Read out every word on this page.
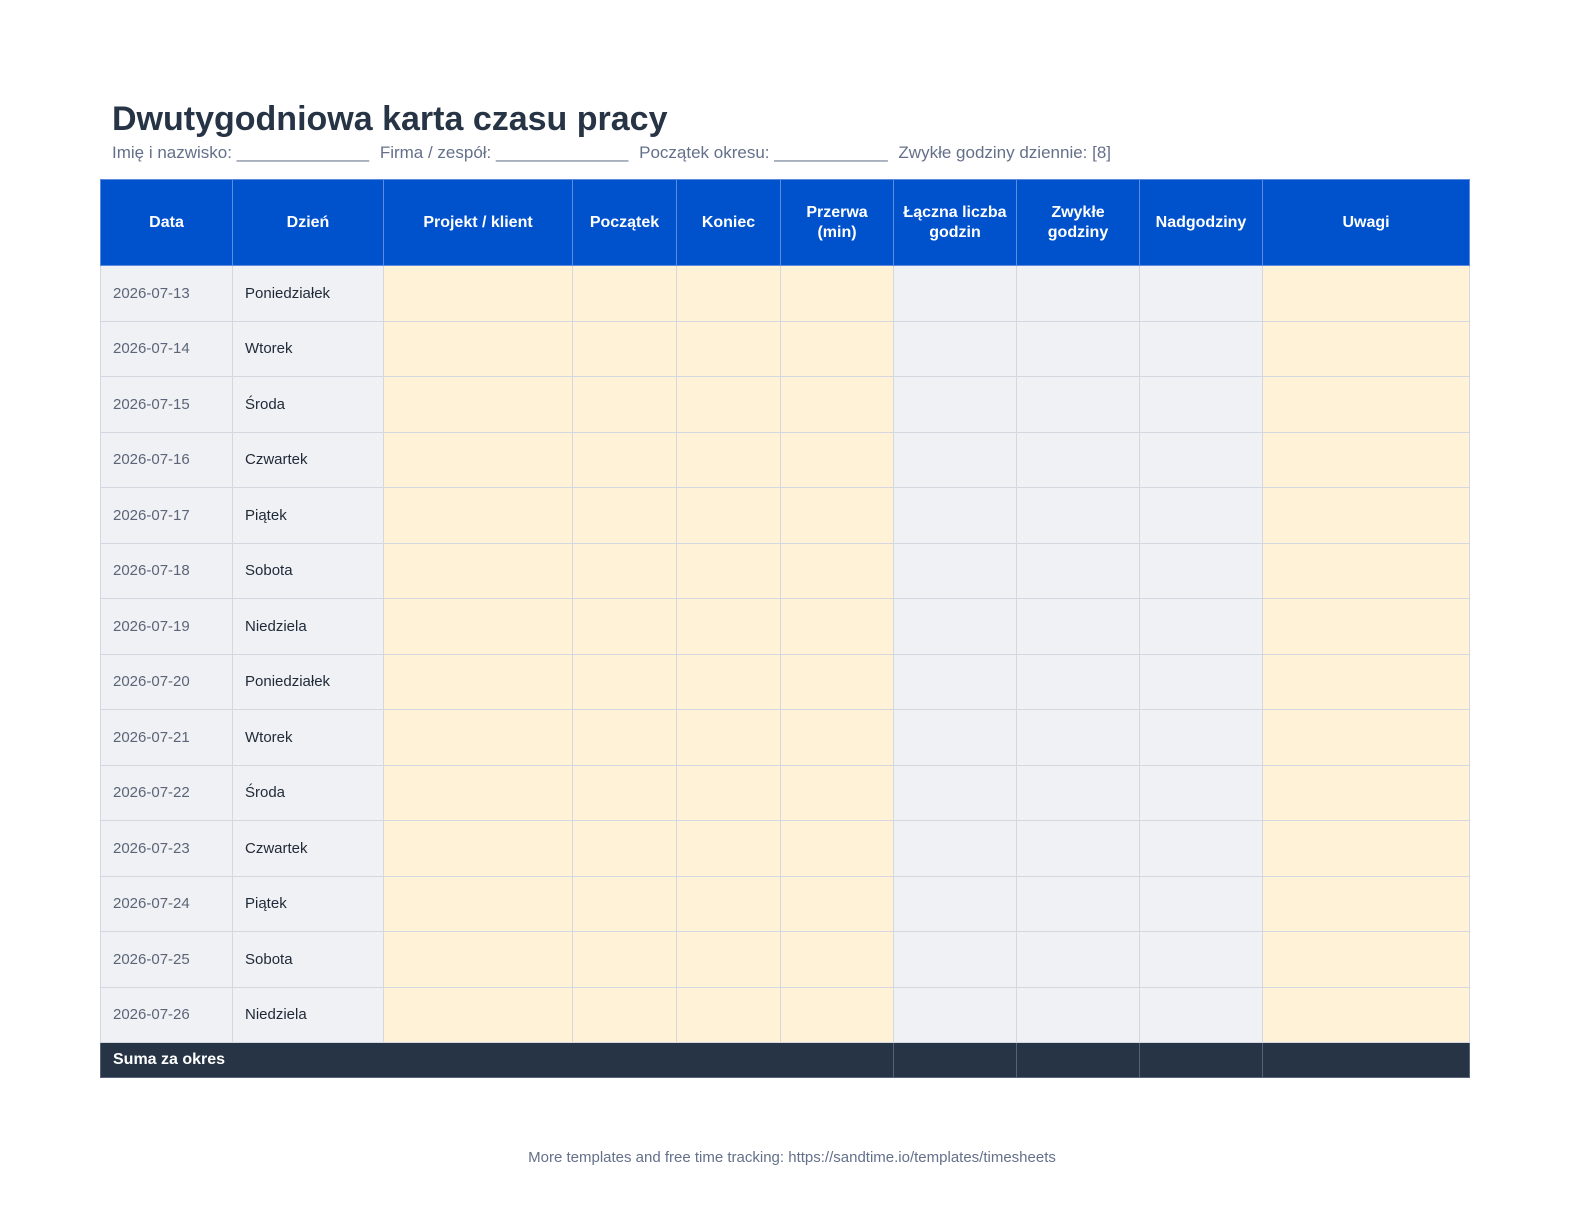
Dwutygodniowa karta czasu pracy
Imię i nazwisko: ______________ Firma / zespół: ______________ Początek okresu: ____________ Zwykłe godziny dziennie: [8]
Data	Dzień	Projekt / klient	Początek	Koniec	Przerwa (min)	Łączna liczba godzin	Zwykłe godziny	Nadgodziny	Uwagi
2026-07-13	Poniedziałek								
2026-07-14	Wtorek								
2026-07-15	Środa								
2026-07-16	Czwartek								
2026-07-17	Piątek								
2026-07-18	Sobota								
2026-07-19	Niedziela								
2026-07-20	Poniedziałek								
2026-07-21	Wtorek								
2026-07-22	Środa								
2026-07-23	Czwartek								
2026-07-24	Piątek								
2026-07-25	Sobota								
2026-07-26	Niedziela								
Suma za okres									
More templates and free time tracking: https://sandtime.io/templates/timesheets
